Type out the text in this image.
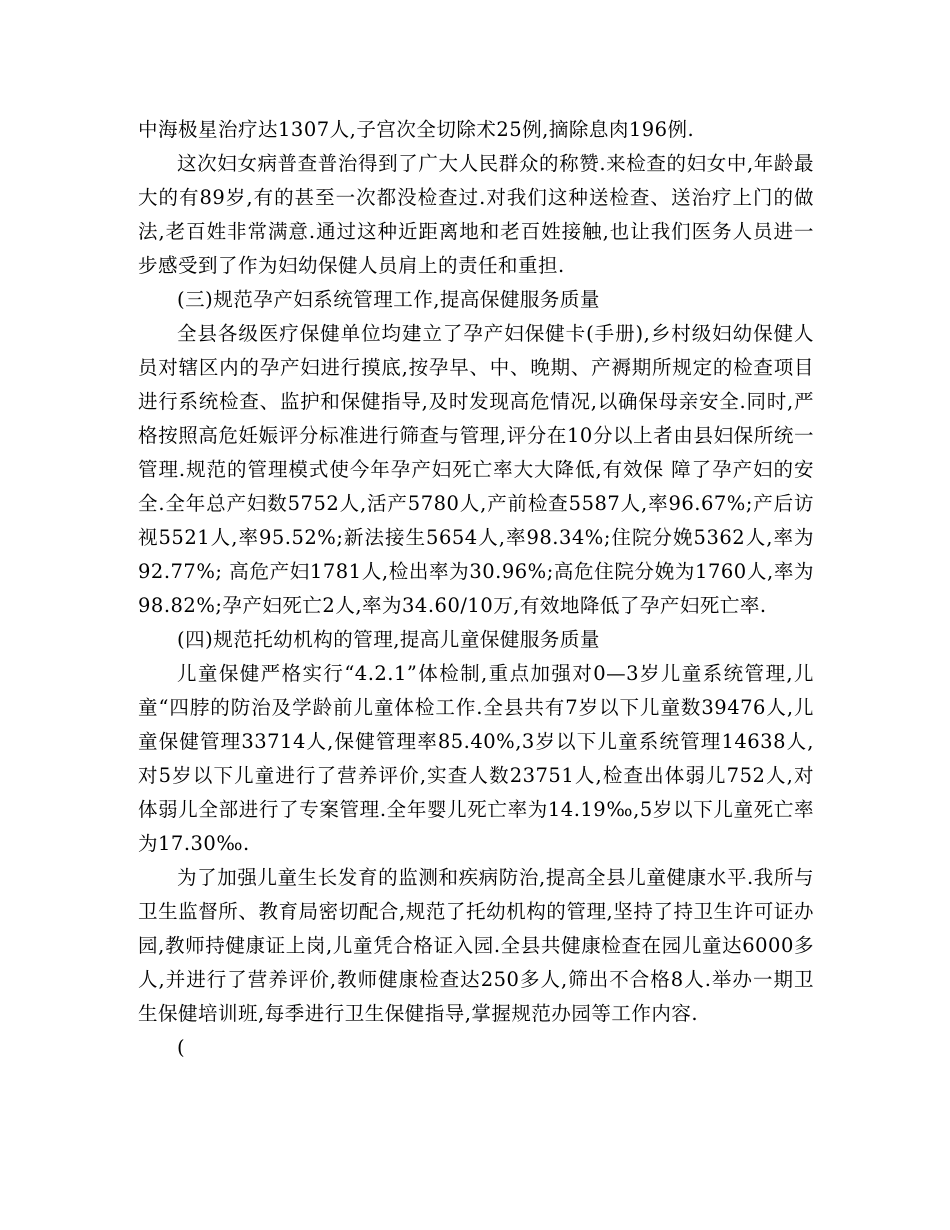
中海极星治疗达1307人,子宫次全切除术25例,摘除息肉196例.

这次妇女病普查普治得到了广大人民群众的称赞.来检查的妇女中,年龄最大的有89岁,有的甚至一次都没检查过.对我们这种送检查、送治疗上门的做法,老百姓非常满意.通过这种近距离地和老百姓接触,也让我们医务人员进一步感受到了作为妇幼保健人员肩上的责任和重担.

(三)规范孕产妇系统管理工作,提高保健服务质量

全县各级医疗保健单位均建立了孕产妇保健卡(手册),乡村级妇幼保健人员对辖区内的孕产妇进行摸底,按孕早、中、晚期、产褥期所规定的检查项目进行系统检查、监护和保健指导,及时发现高危情况,以确保母亲安全.同时,严格按照高危妊娠评分标准进行筛查与管理,评分在10分以上者由县妇保所统一管理.规范的管理模式使今年孕产妇死亡率大大降低,有效保 障了孕产妇的安全.全年总产妇数5752人,活产5780人,产前检查5587人,率96.67%;产后访视5521人,率95.52%;新法接生5654人,率98.34%;住院分娩5362人,率为92.77%; 高危产妇1781人,检出率为30.96%;高危住院分娩为1760人,率为98.82%;孕产妇死亡2人,率为34.60/10万,有效地降低了孕产妇死亡率.

(四)规范托幼机构的管理,提高儿童保健服务质量

儿童保健严格实行“4.2.1”体检制,重点加强对0—3岁儿童系统管理,儿童“四脖的防治及学龄前儿童体检工作.全县共有7岁以下儿童数39476人,儿童保健管理33714人,保健管理率85.40%,3岁以下儿童系统管理14638人,对5岁以下儿童进行了营养评价,实查人数23751人,检查出体弱儿752人,对体弱儿全部进行了专案管理.全年婴儿死亡率为14.19‰,5岁以下儿童死亡率为17.30‰.

为了加强儿童生长发育的监测和疾病防治,提高全县儿童健康水平.我所与卫生监督所、教育局密切配合,规范了托幼机构的管理,坚持了持卫生许可证办园,教师持健康证上岗,儿童凭合格证入园.全县共健康检查在园儿童达6000多人,并进行了营养评价,教师健康检查达250多人,筛出不合格8人.举办一期卫生保健培训班,每季进行卫生保健指导,掌握规范办园等工作内容.

(
